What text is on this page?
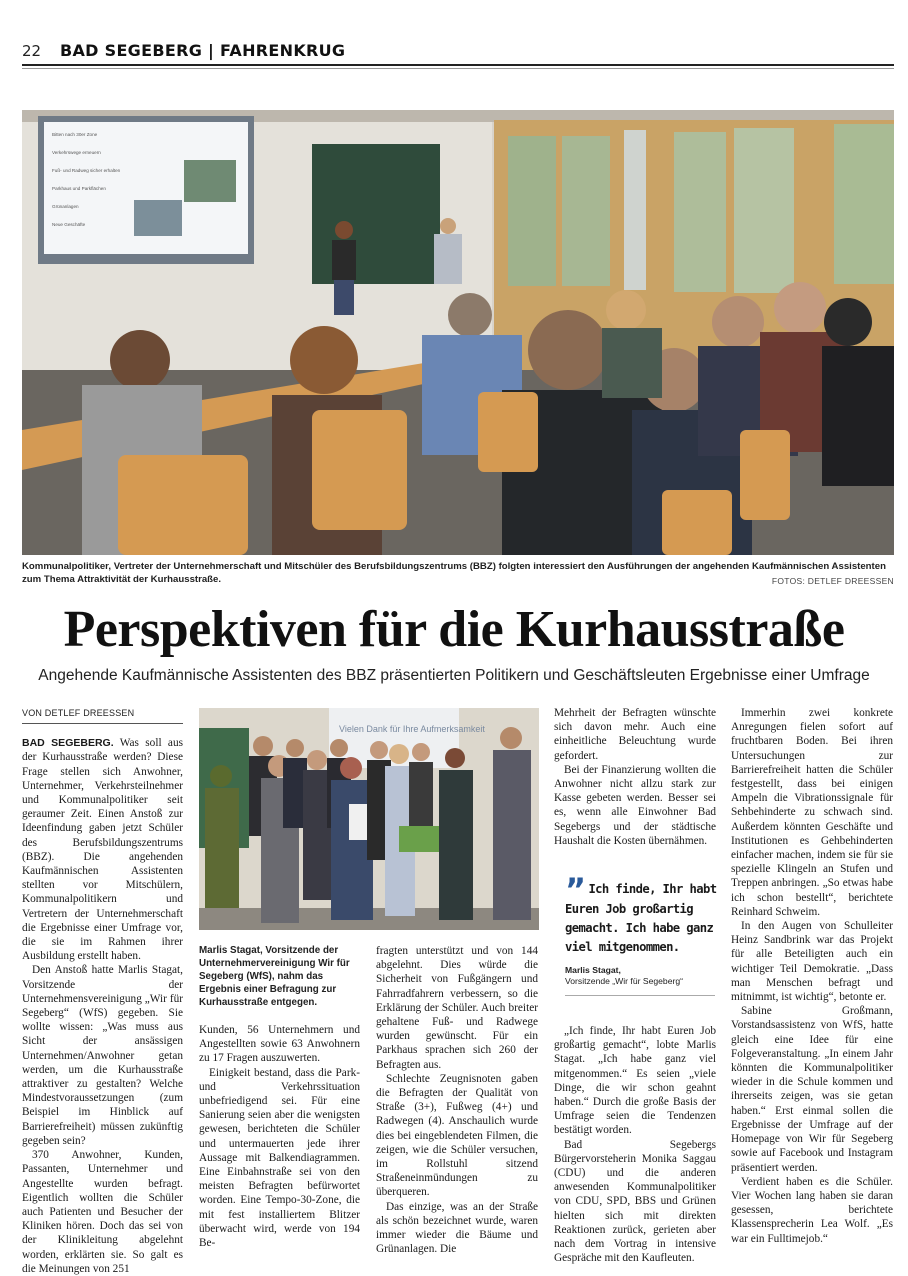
22 BAD SEGEBERG | FAHRENKRUG
Bitten nach 30er Zone
Verkehrswege erneuern
Fuß- und Radweg sicher erhalten
Parkhaus und Parkflächen
Grünanlagen
Neue Geschäfte
Kommunalpolitiker, Vertreter der Unternehmerschaft und Mitschüler des Berufsbildungszentrums (BBZ) folgten interessiert den Ausführungen der angehenden Kaufmännischen Assistenten zum Thema Attraktivität der Kurhausstraße.	FOTOS: DETLEF DREESSEN
Perspektiven für die Kurhausstraße
Angehende Kaufmännische Assistenten des BBZ präsentierten Politikern und Geschäftsleuten Ergebnisse einer Umfrage
VON DETLEF DREESSEN

BAD SEGEBERG. Was soll aus der Kurhausstraße werden? Diese Frage stellen sich Anwohner, Unternehmer, Verkehrsteilnehmer und Kommunalpolitiker seit geraumer Zeit. Einen Anstoß zur Ideenfindung gaben jetzt Schüler des Berufsbildungszentrums (BBZ). Die angehenden Kaufmännischen Assistenten stellten vor Mitschülern, Kommunalpolitikern und Vertretern der Unternehmerschaft die Ergebnisse einer Umfrage vor, die sie im Rahmen ihrer Ausbildung erstellt haben.

Den Anstoß hatte Marlis Stagat, Vorsitzende der Unternehmensvereinigung „Wir für Segeberg“ (WfS) gegeben. Sie wollte wissen: „Was muss aus Sicht der ansässigen Unternehmen/Anwohner getan werden, um die Kurhausstraße attraktiver zu gestalten? Welche Mindestvoraussetzungen (zum Beispiel im Hinblick auf Barrierefreiheit) müssen zukünftig gegeben sein?

370 Anwohner, Kunden, Passanten, Unternehmer und Angestellte wurden befragt. Eigentlich wollten die Schüler auch Patienten und Besucher der Kliniken hören. Doch das sei von der Klinikleitung abgelehnt worden, erklärten sie. So galt es die Meinungen von 251

Vielen Dank für Ihre Aufmerksamkeit
Marlis Stagat, Vorsitzende der Unternehmervereinigung Wir für Segeberg (WfS), nahm das Ergebnis einer Befragung zur Kurhausstraße entgegen.

Kunden, 56 Unternehmern und Angestellten sowie 63 Anwohnern zu 17 Fragen auszuwerten.

Einigkeit bestand, dass die Park- und Verkehrssituation unbefriedigend sei. Für eine Sanierung seien aber die wenigsten gewesen, berichteten die Schüler und untermauerten jede ihrer Aussage mit Balkendiagrammen. Eine Einbahnstraße sei von den meisten Befragten befürwortet worden. Eine Tempo-30-Zone, die mit fest installiertem Blitzer überwacht wird, werde von 194 Be-

fragten unterstützt und von 144 abgelehnt. Dies würde die Sicherheit von Fußgängern und Fahrradfahrern verbessern, so die Erklärung der Schüler. Auch breiter gehaltene Fuß- und Radwege wurden gewünscht. Für ein Parkhaus sprachen sich 260 der Befragten aus.

Schlechte Zeugnisnoten gaben die Befragten der Qualität von Straße (3+), Fußweg (4+) und Radwegen (4). Anschaulich wurde dies bei eingeblendeten Filmen, die zeigen, wie die Schüler versuchen, im Rollstuhl sitzend Straßeneinmündungen zu überqueren.

Das einzige, was an der Straße als schön bezeichnet wurde, waren immer wieder die Bäume und Grünanlagen. Die

Mehrheit der Befragten wünschte sich davon mehr. Auch eine einheitliche Beleuchtung wurde gefordert.

Bei der Finanzierung wollten die Anwohner nicht allzu stark zur Kasse gebeten werden. Besser sei es, wenn alle Einwohner Bad Segebergs und der städtische Haushalt die Kosten übernähmen.

” Ich finde, Ihr habt Euren Job großartig gemacht. Ich habe ganz viel mitgenommen.
Marlis Stagat,
Vorsitzende „Wir für Segeberg“

„Ich finde, Ihr habt Euren Job großartig gemacht“, lobte Marlis Stagat. „Ich habe ganz viel mitgenommen.“ Es seien „viele Dinge, die wir schon geahnt haben.“ Durch die große Basis der Umfrage seien die Tendenzen bestätigt worden.

Bad Segebergs Bürgervorsteherin Monika Saggau (CDU) und die anderen anwesenden Kommunalpolitiker von CDU, SPD, BBS und Grünen hielten sich mit direkten Reaktionen zurück, gerieten aber nach dem Vortrag in intensive Gespräche mit den Kaufleuten.

Immerhin zwei konkrete Anregungen fielen sofort auf fruchtbaren Boden. Bei ihren Untersuchungen zur Barrierefreiheit hatten die Schüler festgestellt, dass bei einigen Ampeln die Vibrationssignale für Sehbehinderte zu schwach sind. Außerdem könnten Geschäfte und Institutionen es Gehbehinderten einfacher machen, indem sie für sie spezielle Klingeln an Stufen und Treppen anbringen. „So etwas habe ich schon bestellt“, berichtete Reinhard Schweim.

In den Augen von Schulleiter Heinz Sandbrink war das Projekt für alle Beteiligten auch ein wichtiger Teil Demokratie. „Dass man Menschen befragt und mitnimmt, ist wichtig“, betonte er.

Sabine Großmann, Vorstandsassistenz von WfS, hatte gleich eine Idee für eine Folgeveranstaltung. „In einem Jahr könnten die Kommunalpolitiker wieder in die Schule kommen und ihrerseits zeigen, was sie getan haben.“ Erst einmal sollen die Ergebnisse der Umfrage auf der Homepage von Wir für Segeberg sowie auf Facebook und Instagram präsentiert werden.

Verdient haben es die Schüler. Vier Wochen lang haben sie daran gesessen, berichtete Klassensprecherin Lea Wolf. „Es war ein Fulltimejob.“
